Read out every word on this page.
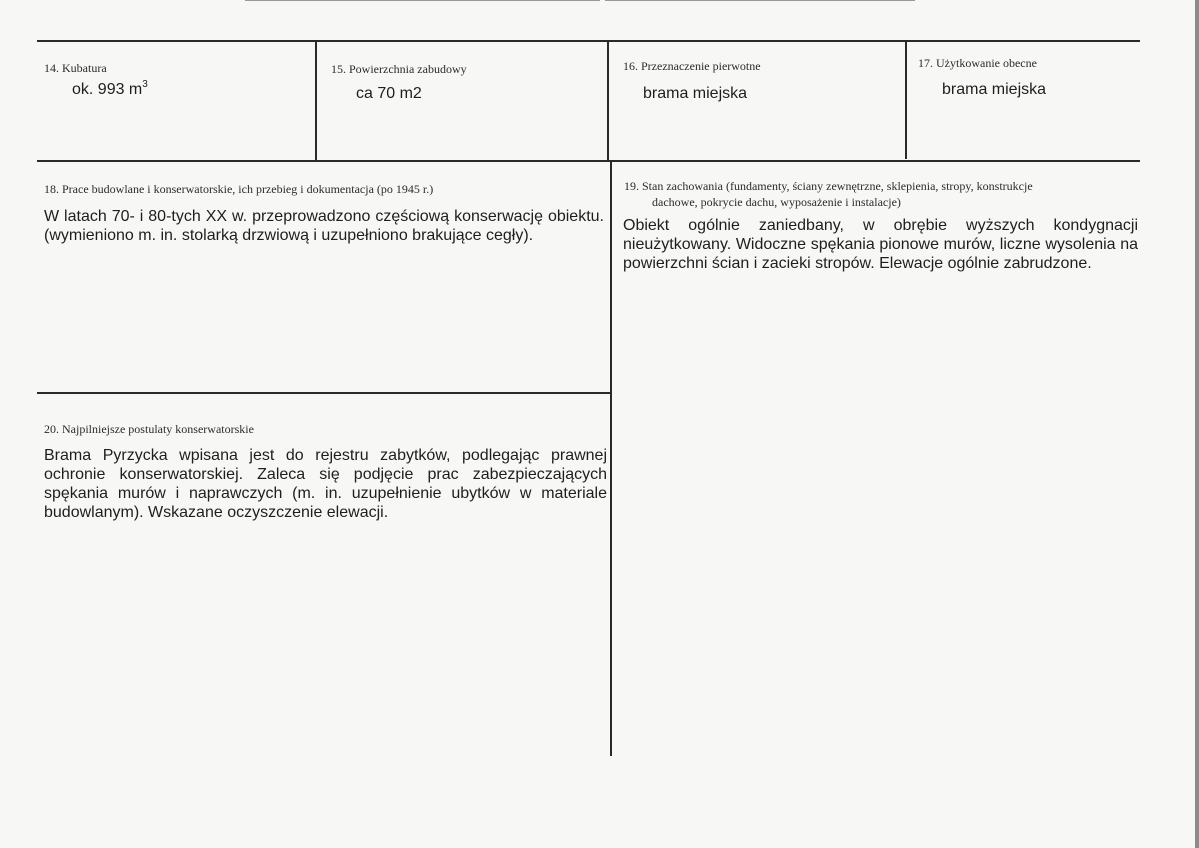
14. Kubatura
ok. 993 $m^3$
15. Powierzchnia zabudowy
ca 70 m2
16. Przeznaczenie pierwotne
brama miejska
17. Użytkowanie obecne
brama miejska
18. Prace budowlane i konserwatorskie, ich przebieg i dokumentacja (po 1945 r.)
W latach 70- i 80-tych XX w. przeprowadzono częściową konserwację obiektu. (wymieniono m. in. stolarką drzwiową i uzupełniono brakujące cegły).
19. Stan zachowania (fundamenty, ściany zewnętrzne, sklepienia, stropy, konstrukcje
dachowe, pokrycie dachu, wyposażenie i instalacje)
Obiekt ogólnie zaniedbany, w obrębie wyższych kondygnacji nieużytkowany. Widoczne spękania pionowe murów, liczne wysolenia na powierzchni ścian i zacieki stropów. Elewacje ogólnie zabrudzone.
20. Najpilniejsze postulaty konserwatorskie
Brama Pyrzycka wpisana jest do rejestru zabytków, podlegając prawnej ochronie konserwatorskiej. Zaleca się podjęcie prac zabezpieczających spękania murów i naprawczych (m. in. uzupełnienie ubytków w materiale budowlanym). Wskazane oczyszczenie elewacji.
